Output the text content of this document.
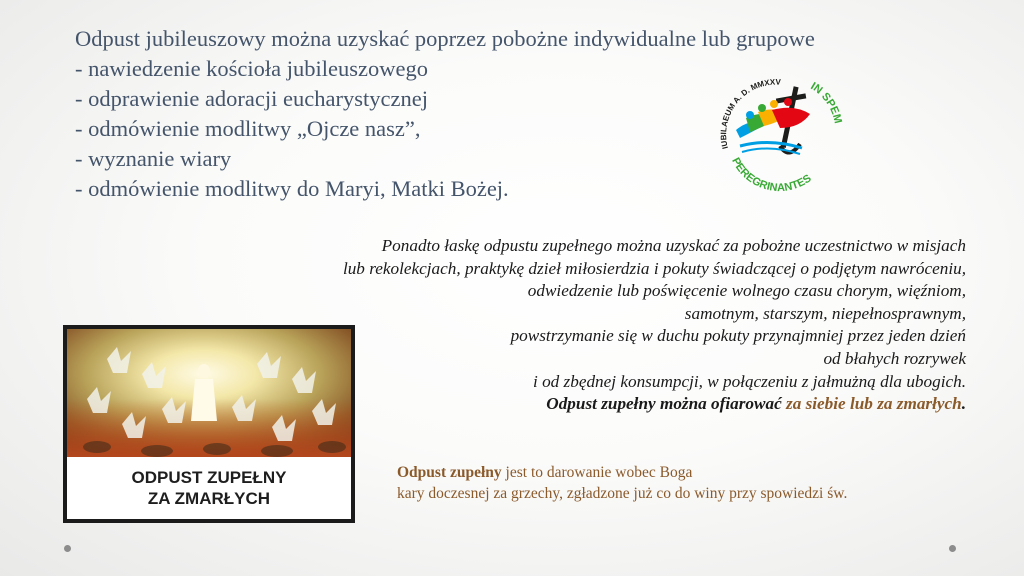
Odpust jubileuszowy można uzyskać poprzez pobożne indywidualne lub grupowe
- nawiedzenie kościoła jubileuszowego
- odprawienie adoracji eucharystycznej
- odmówienie modlitwy „Ojcze nasz”,
- wyznanie wiary
- odmówienie modlitwy do Maryi, Matki Bożej.
IUBILAEUM A. D. MMXXV
PEREGRINANTES
IN SPEM
Ponadto łaskę odpustu zupełnego można uzyskać za pobożne uczestnictwo w misjach
lub rekolekcjach, praktykę dzieł miłosierdzia i pokuty świadczącej o podjętym nawróceniu,
odwiedzenie lub poświęcenie wolnego czasu chorym, więźniom,
samotnym, starszym, niepełnosprawnym,
powstrzymanie się w duchu pokuty przynajmniej przez jeden dzień
od błahych rozrywek
i od zbędnej konsumpcji, w połączeniu z jałmużną dla ubogich.
Odpust zupełny można ofiarować za siebie lub za zmarłych.
ODPUST ZUPEŁNY
ZA ZMARŁYCH
Odpust zupełny jest to darowanie wobec Boga
kary doczesnej za grzechy, zgładzone już co do winy przy spowiedzi św.
